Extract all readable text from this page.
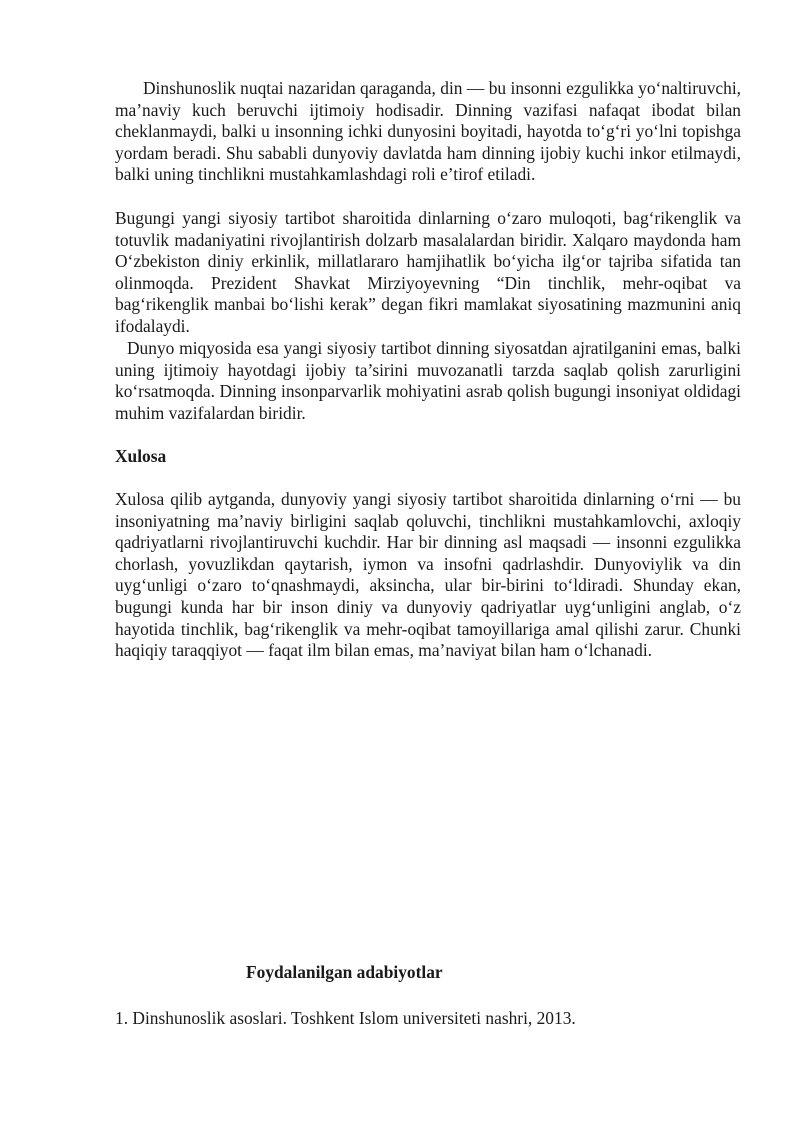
Dinshunoslik nuqtai nazaridan qaraganda, din — bu insonni ezgulikka yo‘naltiruvchi, ma’naviy kuch beruvchi ijtimoiy hodisadir. Dinning vazifasi nafaqat ibodat bilan cheklanmaydi, balki u insonning ichki dunyosini boyitadi, hayotda to‘g‘ri yo‘lni topishga yordam beradi. Shu sababli dunyoviy davlatda ham dinning ijobiy kuchi inkor etilmaydi, balki uning tinchlikni mustahkamlashdagi roli e’tirof etiladi.

Bugungi yangi siyosiy tartibot sharoitida dinlarning o‘zaro muloqoti, bag‘rikenglik va totuvlik madaniyatini rivojlantirish dolzarb masalalardan biridir. Xalqaro maydonda ham O‘zbekiston diniy erkinlik, millatlararo hamjihatlik bo‘yicha ilg‘or tajriba sifatida tan olinmoqda. Prezident Shavkat Mirziyoyevning “Din tinchlik, mehr-oqibat va bag‘rikenglik manbai bo‘lishi kerak” degan fikri mamlakat siyosatining mazmunini aniq ifodalaydi.

Dunyo miqyosida esa yangi siyosiy tartibot dinning siyosatdan ajratilganini emas, balki uning ijtimoiy hayotdagi ijobiy ta’sirini muvozanatli tarzda saqlab qolish zarurligini ko‘rsatmoqda. Dinning insonparvarlik mohiyatini asrab qolish bugungi insoniyat oldidagi muhim vazifalardan biridir.

Xulosa

Xulosa qilib aytganda, dunyoviy yangi siyosiy tartibot sharoitida dinlarning o‘rni — bu insoniyatning ma’naviy birligini saqlab qoluvchi, tinchlikni mustahkamlovchi, axloqiy qadriyatlarni rivojlantiruvchi kuchdir. Har bir dinning asl maqsadi — insonni ezgulikka chorlash, yovuzlikdan qaytarish, iymon va insofni qadrlashdir. Dunyoviylik va din uyg‘unligi o‘zaro to‘qnashmaydi, aksincha, ular bir-birini to‘ldiradi. Shunday ekan, bugungi kunda har bir inson diniy va dunyoviy qadriyatlar uyg‘unligini anglab, o‘z hayotida tinchlik, bag‘rikenglik va mehr-oqibat tamoyillariga amal qilishi zarur. Chunki haqiqiy taraqqiyot — faqat ilm bilan emas, ma’naviyat bilan ham o‘lchanadi.

Foydalanilgan adabiyotlar
1. Dinshunoslik asoslari. Toshkent Islom universiteti nashri, 2013.
